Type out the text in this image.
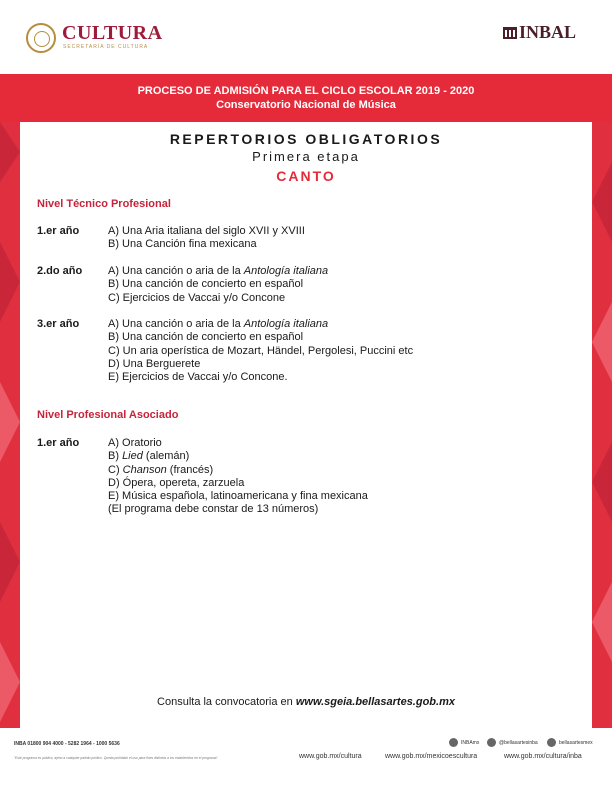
CULTURA
SECRETARÍA DE CULTURA
INBAL
PROCESO DE ADMISIÓN PARA EL CICLO ESCOLAR 2019 - 2020
Conservatorio Nacional de Música
REPERTORIOS OBLIGATORIOS
Primera etapa
CANTO
Nivel Técnico Profesional
1.er año	A) Una Aria italiana del siglo XVII y XVIII
B) Una Canción fina mexicana
2.do año A) Una canción o aria de la Antología italiana
B) Una canción de concierto en español
C) Ejercicios de Vaccai y/o Concone
3.er año	A) Una canción o aria de la Antología italiana
B) Una canción de concierto en español
C) Un aria operística de Mozart, Händel, Pergolesi, Puccini etc
D) Una Berguerete
E) Ejercicios de Vaccai y/o Concone.
Nivel Profesional Asociado
1.er año	A) Oratorio
B) Lied (alemán)
C) Chanson (francés)
D) Ópera, opereta, zarzuela
E) Música española, latinoamericana y fina mexicana
(El programa debe constar de 13 números)
Consulta la convocatoria en www.sgeia.bellasartes.gob.mx
INBA 01800 904 4000 - 5282 1964 - 1000 5636
"Este programa es público, ajeno a cualquier partido político. Queda prohibido el uso para fines distintos a los establecidos en el programa"
INBAmx	@bellasartesinba	bellasartesmex
www.gob.mx/cultura	www.gob.mx/mexicoescultura	www.gob.mx/cultura/inba
